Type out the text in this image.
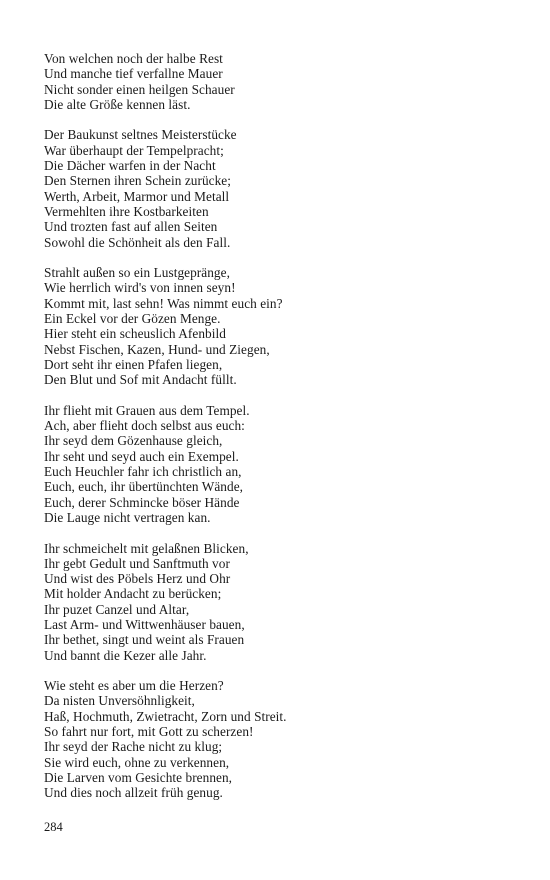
Von welchen noch der halbe Rest
Und manche tief verfallne Mauer
Nicht sonder einen heilgen Schauer
Die alte Größe kennen läst.
Der Baukunst seltnes Meisterstücke
War überhaupt der Tempelpracht;
Die Dächer warfen in der Nacht
Den Sternen ihren Schein zurücke;
Werth, Arbeit, Marmor und Metall
Vermehlten ihre Kostbarkeiten
Und trozten fast auf allen Seiten
Sowohl die Schönheit als den Fall.
Strahlt außen so ein Lustgepränge,
Wie herrlich wird's von innen seyn!
Kommt mit, last sehn! Was nimmt euch ein?
Ein Eckel vor der Gözen Menge.
Hier steht ein scheuslich Afenbild
Nebst Fischen, Kazen, Hund- und Ziegen,
Dort seht ihr einen Pfafen liegen,
Den Blut und Sof mit Andacht füllt.
Ihr flieht mit Grauen aus dem Tempel.
Ach, aber flieht doch selbst aus euch:
Ihr seyd dem Gözenhause gleich,
Ihr seht und seyd auch ein Exempel.
Euch Heuchler fahr ich christlich an,
Euch, euch, ihr übertünchten Wände,
Euch, derer Schmincke böser Hände
Die Lauge nicht vertragen kan.
Ihr schmeichelt mit gelaßnen Blicken,
Ihr gebt Gedult und Sanftmuth vor
Und wist des Pöbels Herz und Ohr
Mit holder Andacht zu berücken;
Ihr puzet Canzel und Altar,
Last Arm- und Wittwenhäuser bauen,
Ihr bethet, singt und weint als Frauen
Und bannt die Kezer alle Jahr.
Wie steht es aber um die Herzen?
Da nisten Unversöhnligkeit,
Haß, Hochmuth, Zwietracht, Zorn und Streit.
So fahrt nur fort, mit Gott zu scherzen!
Ihr seyd der Rache nicht zu klug;
Sie wird euch, ohne zu verkennen,
Die Larven vom Gesichte brennen,
Und dies noch allzeit früh genug.
284
